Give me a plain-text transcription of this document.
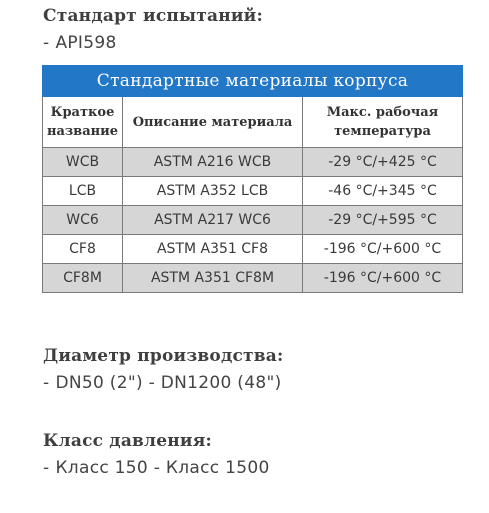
Стандарт испытаний:
- API598
Стандартные материалы корпуса		
Краткое название	Описание материала	Макс. рабочая температура
WCB	ASTM A216 WCB	-29 °C/+425 °C
LCB	ASTM A352 LCB	-46 °C/+345 °C
WC6	ASTM A217 WC6	-29 °C/+595 °C
CF8	ASTM A351 CF8	-196 °C/+600 °C
CF8M	ASTM A351 CF8M	-196 °C/+600 °C
Диаметр производства:
- DN50 (2") - DN1200 (48")
Класс давления:
- Класс 150 - Класс 1500
